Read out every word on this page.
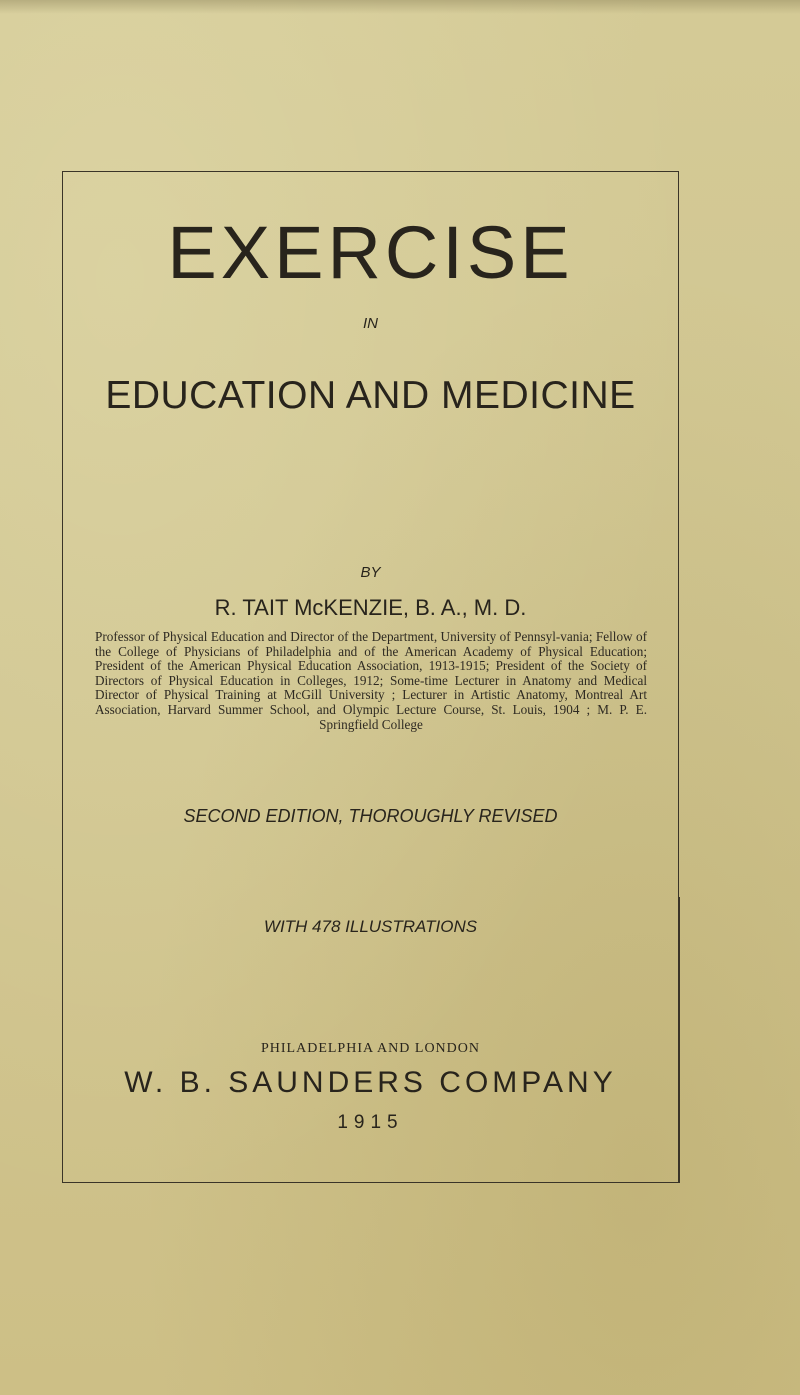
EXERCISE
IN
EDUCATION AND MEDICINE
BY
R. TAIT McKENZIE, B. A., M. D.
Professor of Physical Education and Director of the Department, University of Pennsyl-vania; Fellow of the College of Physicians of Philadelphia and of the American Academy of Physical Education; President of the American Physical Education Association, 1913-1915; President of the Society of Directors of Physical Education in Colleges, 1912; Some-time Lecturer in Anatomy and Medical Director of Physical Training at McGill University ; Lecturer in Artistic Anatomy, Montreal Art Association, Harvard Summer School, and Olympic Lecture Course, St. Louis, 1904 ; M. P. E. Springfield College
SECOND EDITION, THOROUGHLY REVISED
WITH 478 ILLUSTRATIONS
PHILADELPHIA AND LONDON
W. B. SAUNDERS COMPANY
1915
